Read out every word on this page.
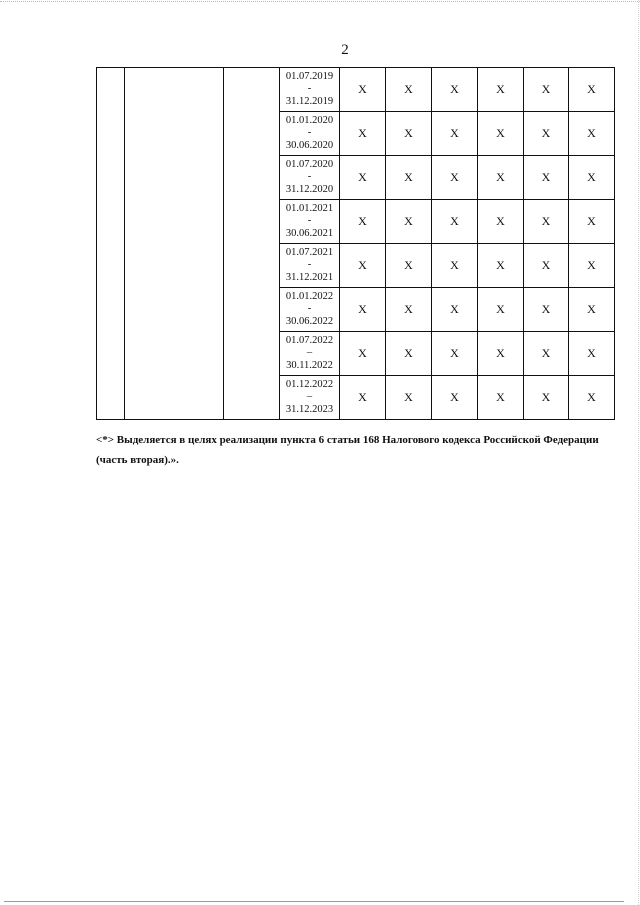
2

			01.07.2019
-
31.12.2019	X	X	X	X	X	X

			01.01.2020
-
30.06.2020	X	X	X	X	X	X

			01.07.2020
-
31.12.2020	X	X	X	X	X	X

			01.01.2021
-
30.06.2021	X	X	X	X	X	X

			01.07.2021
-
31.12.2021	X	X	X	X	X	X

			01.01.2022
-
30.06.2022	X	X	X	X	X	X

			01.07.2022
–
30.11.2022	X	X	X	X	X	X

			01.12.2022
–
31.12.2023	X	X	X	X	X	X

<*> Выделяется в целях реализации пункта 6 статьи 168 Налогового кодекса Российской Федерации (часть вторая).».
